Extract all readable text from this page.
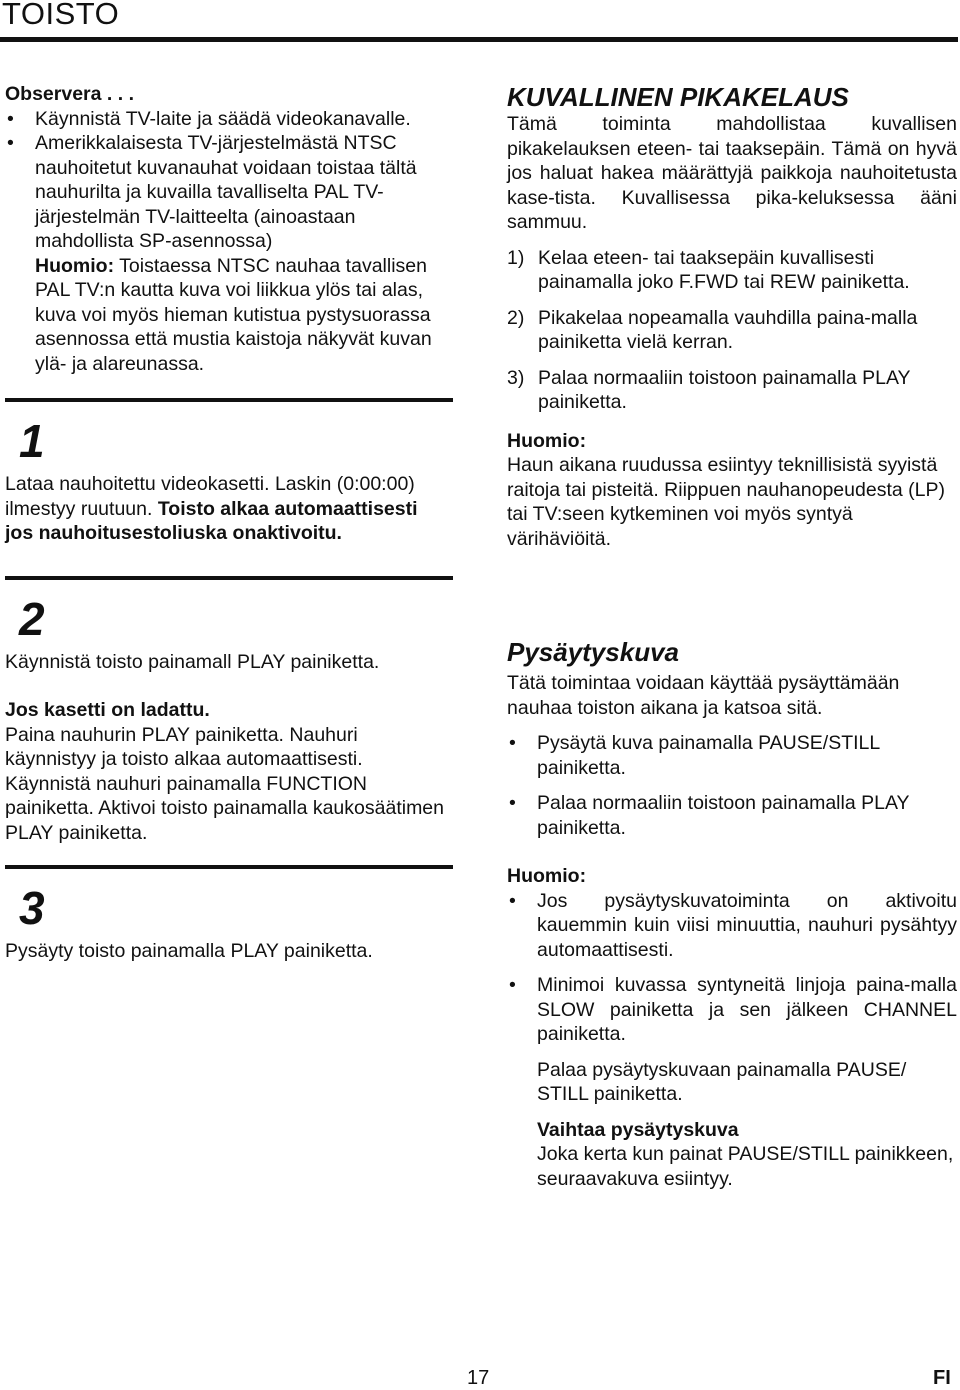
TOISTO

Observera . . .

• Käynnistä TV-laite ja säädä videokanavalle.
• Amerikkalaisesta TV-järjestelmästä NTSC nauhoitetut kuvanauhat voidaan toistaa tältä nauhurilta ja kuvailla tavalliselta PAL TV-järjestelmän TV-laitteelta (ainoastaan mahdollista SP-asennossa)

Huomio: Toistaessa NTSC nauhaa tavallisen PAL TV:n kautta kuva voi liikkua ylös tai alas, kuva voi myös hieman kutistua pystysuorassa asennossa että mustia kaistoja näkyvät kuvan ylä- ja alareunassa.

1

Lataa nauhoitettu videokasetti. Laskin (0:00:00) ilmestyy ruutuun. Toisto alkaa automaattisesti jos nauhoitusestoliuska onaktivoitu.

2

Käynnistä toisto painamall PLAY painiketta.

Jos kasetti on ladattu.

Paina nauhurin PLAY painiketta. Nauhuri käynnistyy ja toisto alkaa automaattisesti. Käynnistä nauhuri painamalla FUNCTION painiketta. Aktivoi toisto painamalla kaukosäätimen PLAY painiketta.

3

Pysäyty toisto painamalla PLAY painiketta.

KUVALLINEN PIKAKELAUS

Tämä toiminta mahdollistaa kuvallisen pikakelauksen eteen- tai taaksepäin. Tämä on hyvä jos haluat hakea määrättyjä paikkoja nauhoitetusta kase-tista. Kuvallisessa pika-keluksessa ääni sammuu.

1) Kelaa eteen- tai taaksepäin kuvallisesti painamalla joko F.FWD tai REW painiketta.
2) Pikakelaa nopeamalla vauhdilla paina-malla painiketta vielä kerran.
3) Palaa normaaliin toistoon painamalla PLAY painiketta.

Huomio:

Haun aikana ruudussa esiintyy teknillisistä syyistä raitoja tai pisteitä. Riippuen nauhanopeudesta (LP) tai TV:seen kytkeminen voi myös syntyä värihäviöitä.

Pysäytyskuva

Tätä toimintaa voidaan käyttää pysäyttämään nauhaa toiston aikana ja katsoa sitä.

• Pysäytä kuva painamalla PAUSE/STILL painiketta.
• Palaa normaaliin toistoon painamalla PLAY painiketta.

Huomio:

• Jos pysäytyskuvatoiminta on aktivoitu kauemmin kuin viisi minuuttia, nauhuri pysähtyy automaattisesti.
• Minimoi kuvassa syntyneitä linjoja paina-malla SLOW painiketta ja sen jälkeen CHANNEL painiketta.

Palaa pysäytyskuvaan painamalla PAUSE/ STILL painiketta.

Vaihtaa pysäytyskuva

Joka kerta kun painat PAUSE/STILL painikkeen, seuraavakuva esiintyy.

17	FI
